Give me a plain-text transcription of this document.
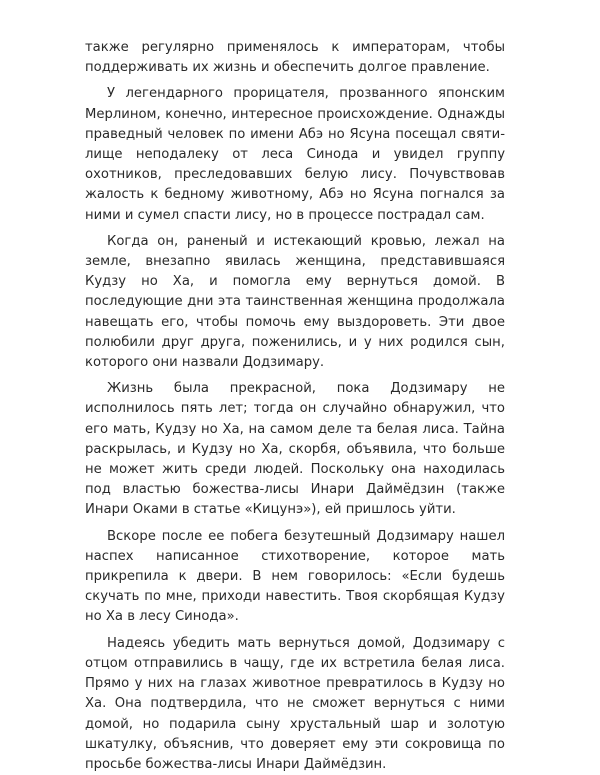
также регулярно применялось к императорам, чтобы поддерживать их жизнь и обеспечить долгое правление.

У легендарного прорицателя, прозванного японским Мерлином, конечно, интересное происхождение. Однажды праведный человек по имени Абэ но Ясуна посещал святилище неподалеку от леса Синода и увидел группу охотников, преследовавших белую лису. Почувствовав жалость к бедному животному, Абэ но Ясуна погнался за ними и сумел спасти лису, но в процессе пострадал сам.

Когда он, раненый и истекающий кровью, лежал на земле, внезапно явилась женщина, представившаяся Кудзу но Ха, и помогла ему вернуться домой. В последующие дни эта таинственная женщина продолжала навещать его, чтобы помочь ему выздороветь. Эти двое полюбили друг друга, поженились, и у них родился сын, которого они назвали Додзимару.

Жизнь была прекрасной, пока Додзимару не исполнилось пять лет; тогда он случайно обнаружил, что его мать, Кудзу но Ха, на самом деле та белая лиса. Тайна раскрылась, и Кудзу но Ха, скорбя, объявила, что больше не может жить среди людей. Поскольку она находилась под властью божества-лисы Инари Даймёдзин (также Инари Оками в статье «Кицунэ»), ей пришлось уйти.

Вскоре после ее побега безутешный Додзимару нашел наспех написанное стихотворение, которое мать прикрепила к двери. В нем говорилось: «Если будешь скучать по мне, приходи навестить. Твоя скорбящая Кудзу но Ха в лесу Синода».

Надеясь убедить мать вернуться домой, Додзимару с отцом отправились в чащу, где их встретила белая лиса. Прямо у них на глазах животное превратилось в Кудзу но Ха. Она подтвердила, что не сможет вернуться с ними домой, но подарила сыну хрустальный шар и золотую шкатулку, объяснив, что доверяет ему эти сокровища по просьбе божества-лисы Инари Даймёдзин.
